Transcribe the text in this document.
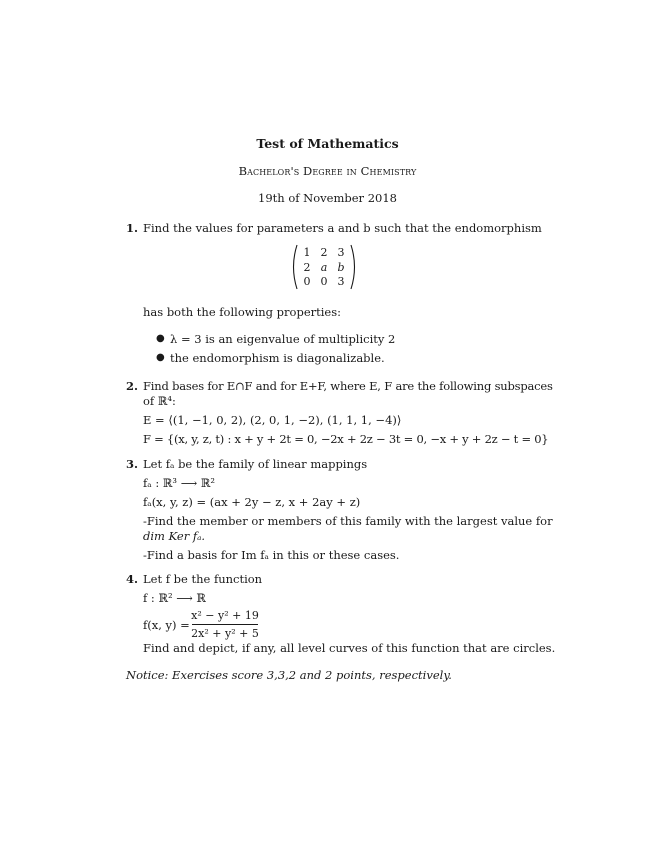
Test of Mathematics
Bachelor's Degree in Chemistry
19th of November 2018
1. Find the values for parameters a and b such that the endomorphism
1 2 3
2 a b
0 0 3
has both the following properties:
● λ = 3 is an eigenvalue of multiplicity 2
● the endomorphism is diagonalizable.
2. Find bases for E∩F and for E+F, where E, F are the following subspaces
of ℝ⁴:
E = ⟨(1, −1, 0, 2), (2, 0, 1, −2), (1, 1, 1, −4)⟩
F = {(x, y, z, t) : x + y + 2t = 0, −2x + 2z − 3t = 0, −x + y + 2z − t = 0}
3. Let fₐ be the family of linear mappings
fₐ : ℝ³ ⟶ ℝ²
fₐ(x, y, z) = (ax + 2y − z, x + 2ay + z)
-Find the member or members of this family with the largest value for
dim Ker fₐ.
-Find a basis for Im fₐ in this or these cases.
4. Let f be the function
f : ℝ² ⟶ ℝ
f(x, y) =
x² − y² + 19
2x² + y² + 5
Find and depict, if any, all level curves of this function that are circles.
Notice: Exercises score 3,3,2 and 2 points, respectively.
